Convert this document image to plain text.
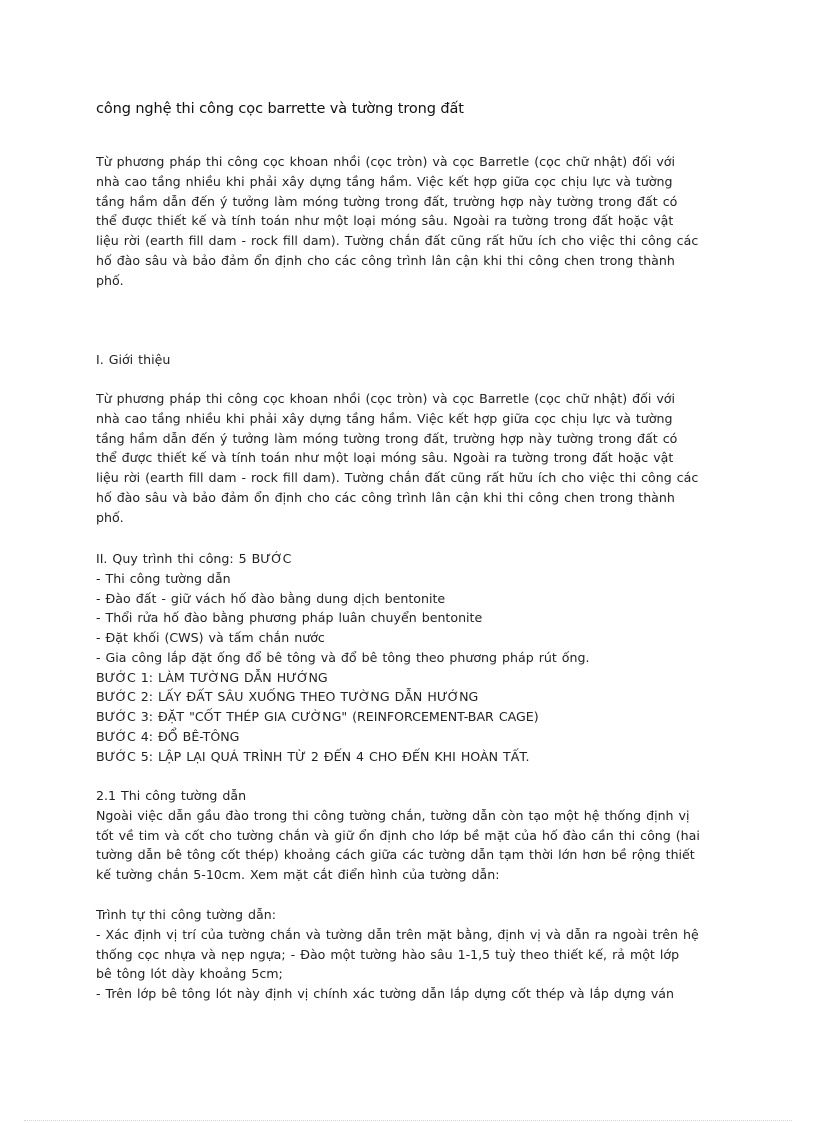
công nghệ thi công cọc barrette và tường trong đất
Từ phương pháp thi công cọc khoan nhồi (cọc tròn) và cọc Barretle (cọc chữ nhật) đối với
nhà cao tầng nhiều khi phải xây dựng tầng hầm. Việc kết hợp giữa cọc chịu lực và tường
tầng hầm dẫn đến ý tưởng làm móng tường trong đất, trường hợp này tường trong đất có
thể được thiết kế và tính toán như một loại móng sâu. Ngoài ra tường trong đất hoặc vật
liệu rời (earth fill dam - rock fill dam). Tường chắn đất cũng rất hữu ích cho việc thi công các
hố đào sâu và bảo đảm ổn định cho các công trình lân cận khi thi công chen trong thành
phố.
I. Giới thiệu
Từ phương pháp thi công cọc khoan nhồi (cọc tròn) và cọc Barretle (cọc chữ nhật) đối với
nhà cao tầng nhiều khi phải xây dựng tầng hầm. Việc kết hợp giữa cọc chịu lực và tường
tầng hầm dẫn đến ý tưởng làm móng tường trong đất, trường hợp này tường trong đất có
thể được thiết kế và tính toán như một loại móng sâu. Ngoài ra tường trong đất hoặc vật
liệu rời (earth fill dam - rock fill dam). Tường chắn đất cũng rất hữu ích cho việc thi công các
hố đào sâu và bảo đảm ổn định cho các công trình lân cận khi thi công chen trong thành
phố.
II. Quy trình thi công: 5 BƯỚC
- Thi công tường dẫn
- Đào đất - giữ vách hố đào bằng dung dịch bentonite
- Thổi rửa hố đào bằng phương pháp luân chuyển bentonite
- Đặt khối (CWS) và tấm chắn nước
- Gia công lắp đặt ống đổ bê tông và đổ bê tông theo phương pháp rút ống.
BƯỚC 1: LÀM TƯỜNG DẪN HƯỚNG
BƯỚC 2: LẤY ĐẤT SÂU XUỐNG THEO TƯỜNG DẪN HƯỚNG
BƯỚC 3: ĐẶT "CỐT THÉP GIA CƯỜNG" (REINFORCEMENT-BAR CAGE)
BƯỚC 4: ĐỔ BÊ-TÔNG
BƯỚC 5: LẬP LẠI QUÁ TRÌNH TỪ 2 ĐẾN 4 CHO ĐẾN KHI HOÀN TẤT.
2.1 Thi công tường dẫn
Ngoài việc dẫn gầu đào trong thi công tường chắn, tường dẫn còn tạo một hệ thống định vị
tốt về tim và cốt cho tường chắn và giữ ổn định cho lớp bề mặt của hố đào cần thi công (hai
tường dẫn bê tông cốt thép) khoảng cách giữa các tường dẫn tạm thời lớn hơn bề rộng thiết
kế tường chắn 5-10cm. Xem mặt cắt điển hình của tường dẫn:
Trình tự thi công tường dẫn:
- Xác định vị trí của tường chắn và tường dẫn trên mặt bằng, định vị và dẫn ra ngoài trên hệ
thống cọc nhựa và nẹp ngựa; - Đào một tường hào sâu 1-1,5 tuỳ theo thiết kế, rả một lớp
bê tông lót dày khoảng 5cm;
- Trên lớp bê tông lót này định vị chính xác tường dẫn lắp dựng cốt thép và lắp dựng ván
